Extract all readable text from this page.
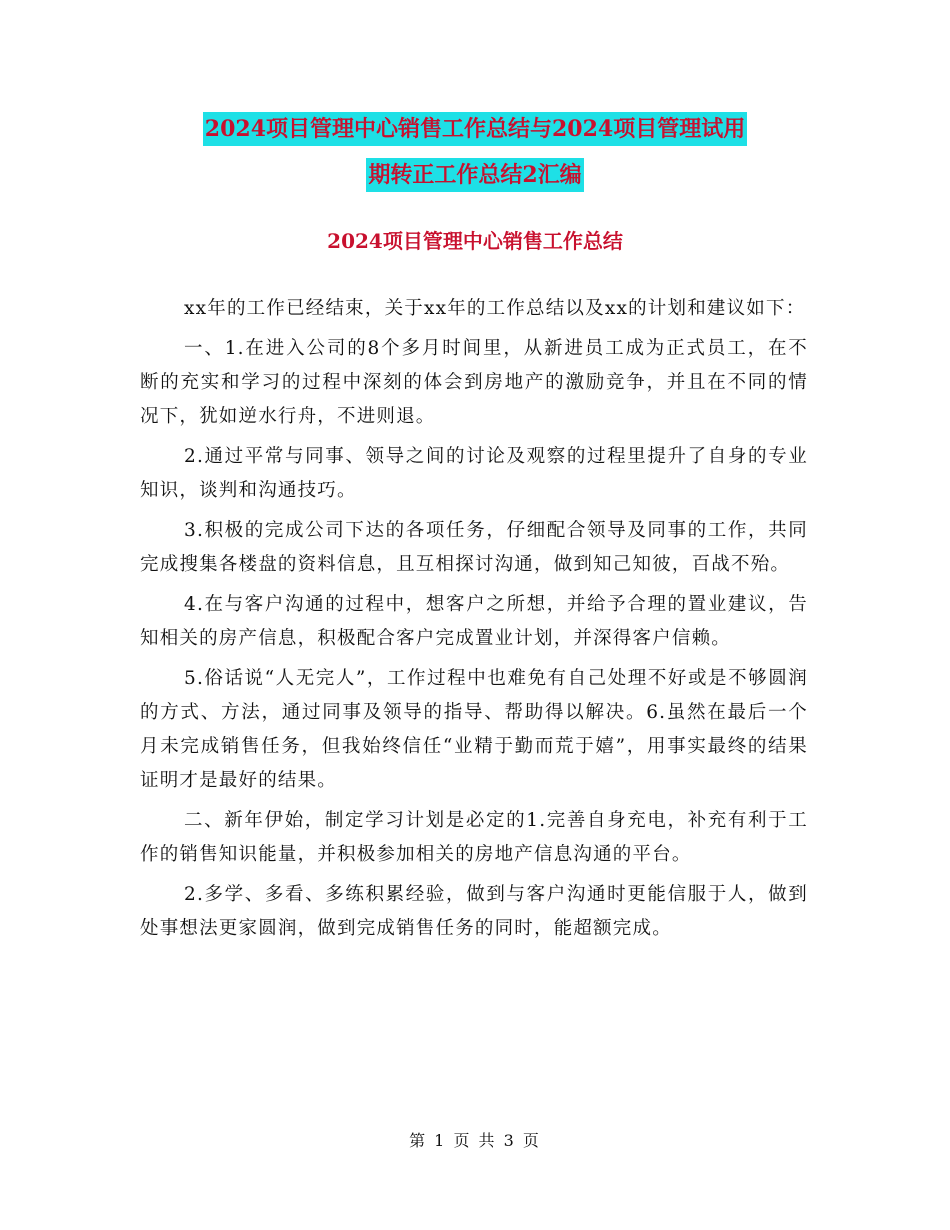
2024项目管理中心销售工作总结与2024项目管理试用
期转正工作总结2汇编
2024项目管理中心销售工作总结

xx年的工作已经结束，关于xx年的工作总结以及xx的计划和建议如下：

一、1.在进入公司的8个多月时间里，从新进员工成为正式员工，在不断的充实和学习的过程中深刻的体会到房地产的激励竞争，并且在不同的情况下，犹如逆水行舟，不进则退。

2.通过平常与同事、领导之间的讨论及观察的过程里提升了自身的专业知识，谈判和沟通技巧。

3.积极的完成公司下达的各项任务，仔细配合领导及同事的工作，共同完成搜集各楼盘的资料信息，且互相探讨沟通，做到知己知彼，百战不殆。

4.在与客户沟通的过程中，想客户之所想，并给予合理的置业建议，告知相关的房产信息，积极配合客户完成置业计划，并深得客户信赖。

5.俗话说“人无完人”，工作过程中也难免有自己处理不好或是不够圆润的方式、方法，通过同事及领导的指导、帮助得以解决。6.虽然在最后一个月未完成销售任务，但我始终信任“业精于勤而荒于嬉”，用事实最终的结果证明才是最好的结果。

二、新年伊始，制定学习计划是必定的1.完善自身充电，补充有利于工作的销售知识能量，并积极参加相关的房地产信息沟通的平台。

2.多学、多看、多练积累经验，做到与客户沟通时更能信服于人，做到处事想法更家圆润，做到完成销售任务的同时，能超额完成。

第 1 页 共 3 页
